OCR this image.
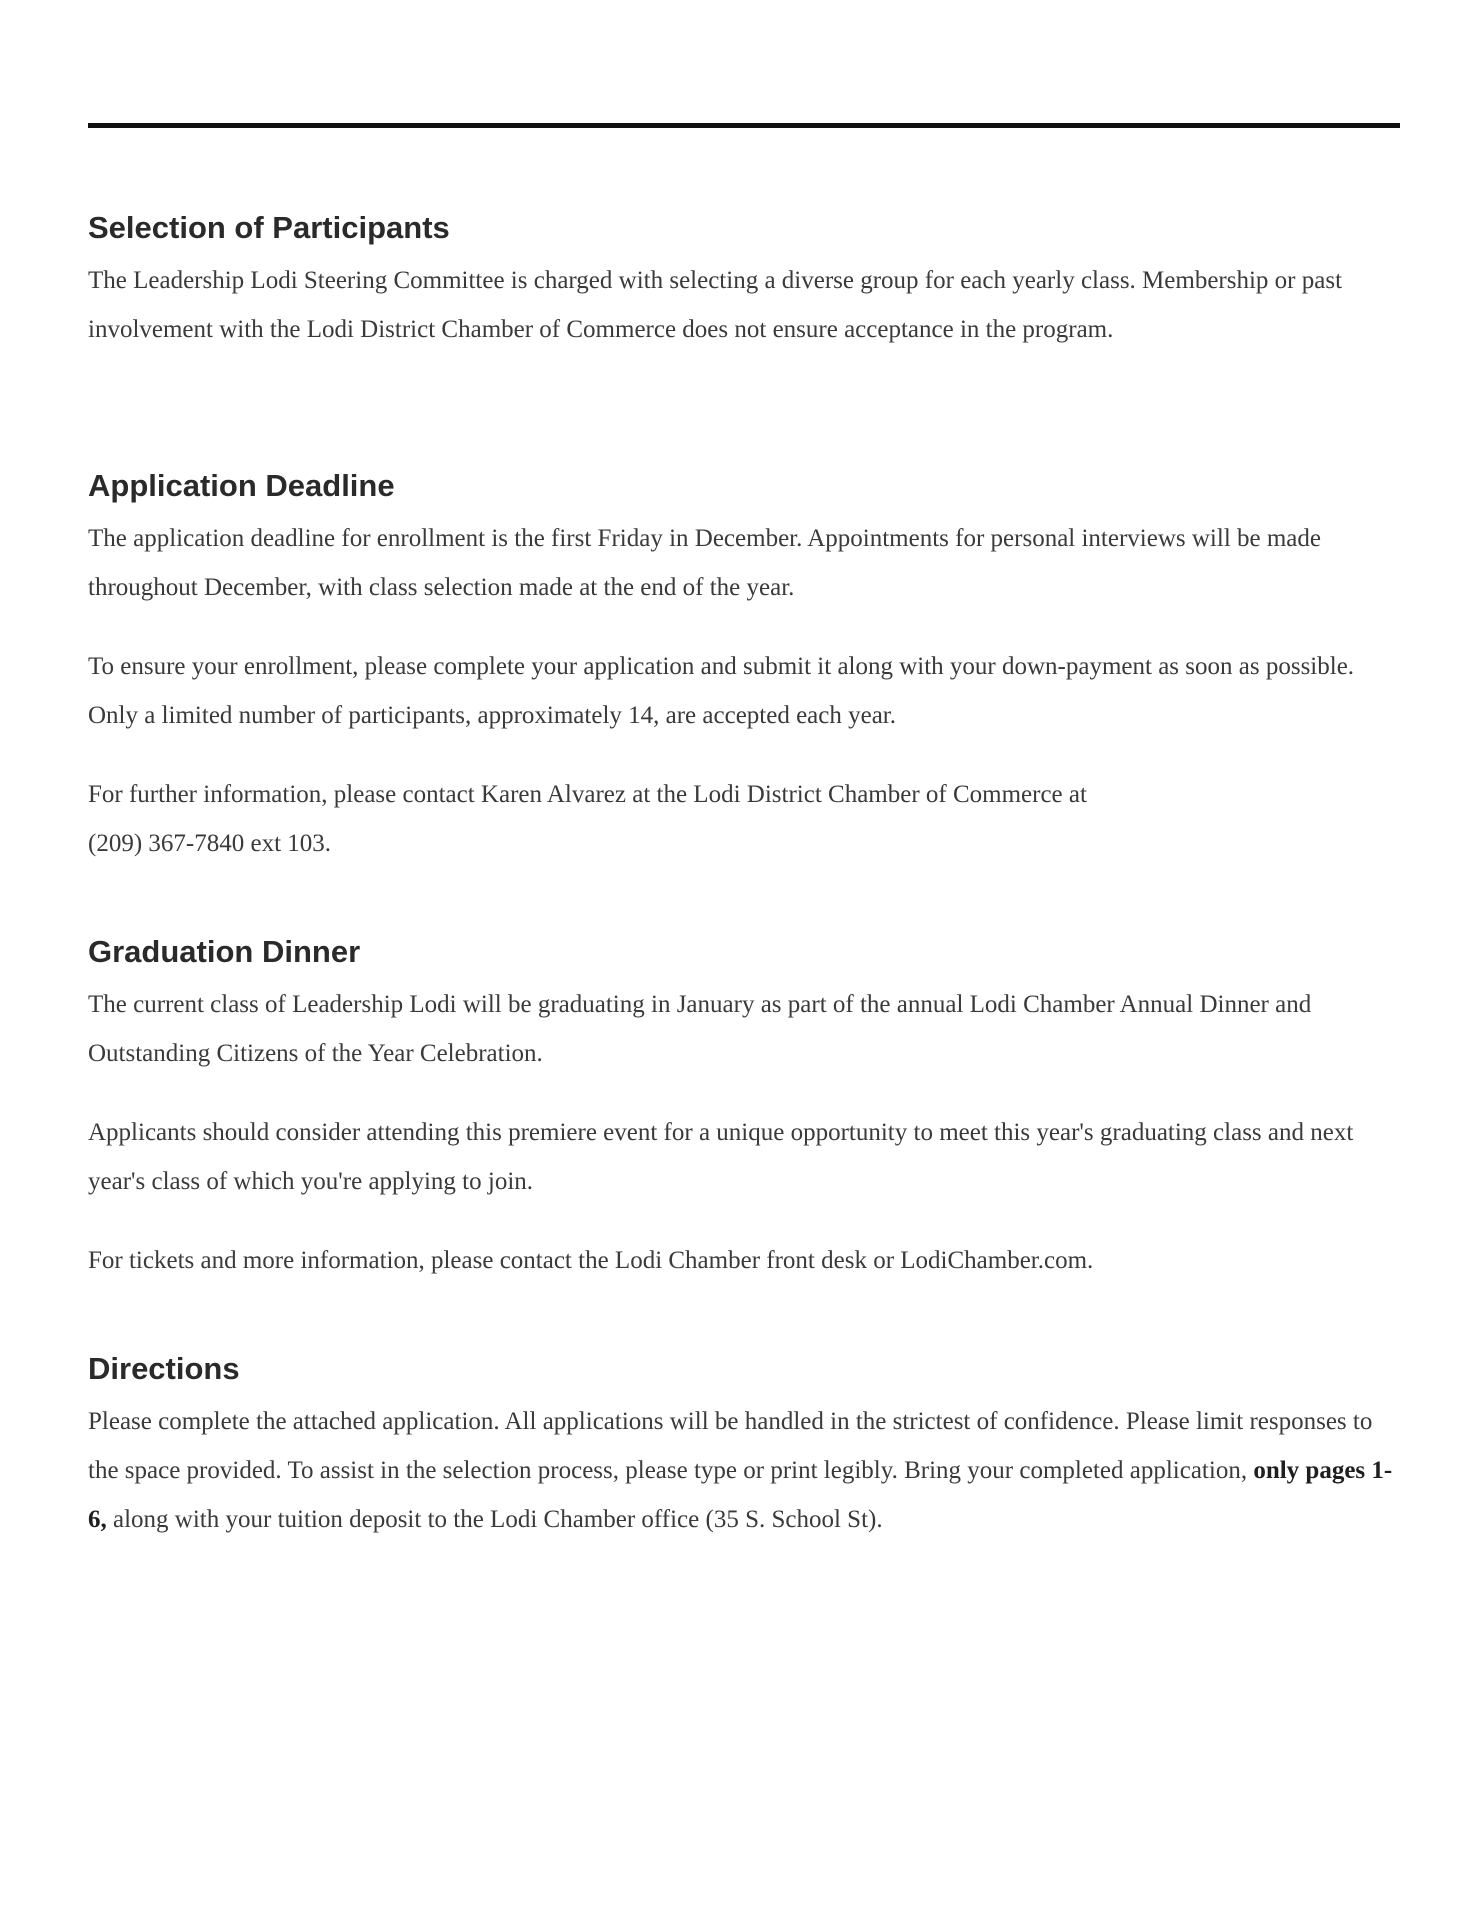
Selection of Participants

The Leadership Lodi Steering Committee is charged with selecting a diverse group for each yearly class. Membership or past involvement with the Lodi District Chamber of Commerce does not ensure acceptance in the program.

Application Deadline

The application deadline for enrollment is the first Friday in December. Appointments for personal interviews will be made throughout December, with class selection made at the end of the year.

To ensure your enrollment, please complete your application and submit it along with your down-payment as soon as possible. Only a limited number of participants, approximately 14, are accepted each year.

For further information, please contact Karen Alvarez at the Lodi District Chamber of Commerce at
(209) 367-7840 ext 103.

Graduation Dinner

The current class of Leadership Lodi will be graduating in January as part of the annual Lodi Chamber Annual Dinner and Outstanding Citizens of the Year Celebration.

Applicants should consider attending this premiere event for a unique opportunity to meet this year's graduating class and next year's class of which you're applying to join.

For tickets and more information, please contact the Lodi Chamber front desk or LodiChamber.com.

Directions

Please complete the attached application. All applications will be handled in the strictest of confidence. Please limit responses to the space provided. To assist in the selection process, please type or print legibly. Bring your completed application, only pages 1-6, along with your tuition deposit to the Lodi Chamber office (35 S. School St).
